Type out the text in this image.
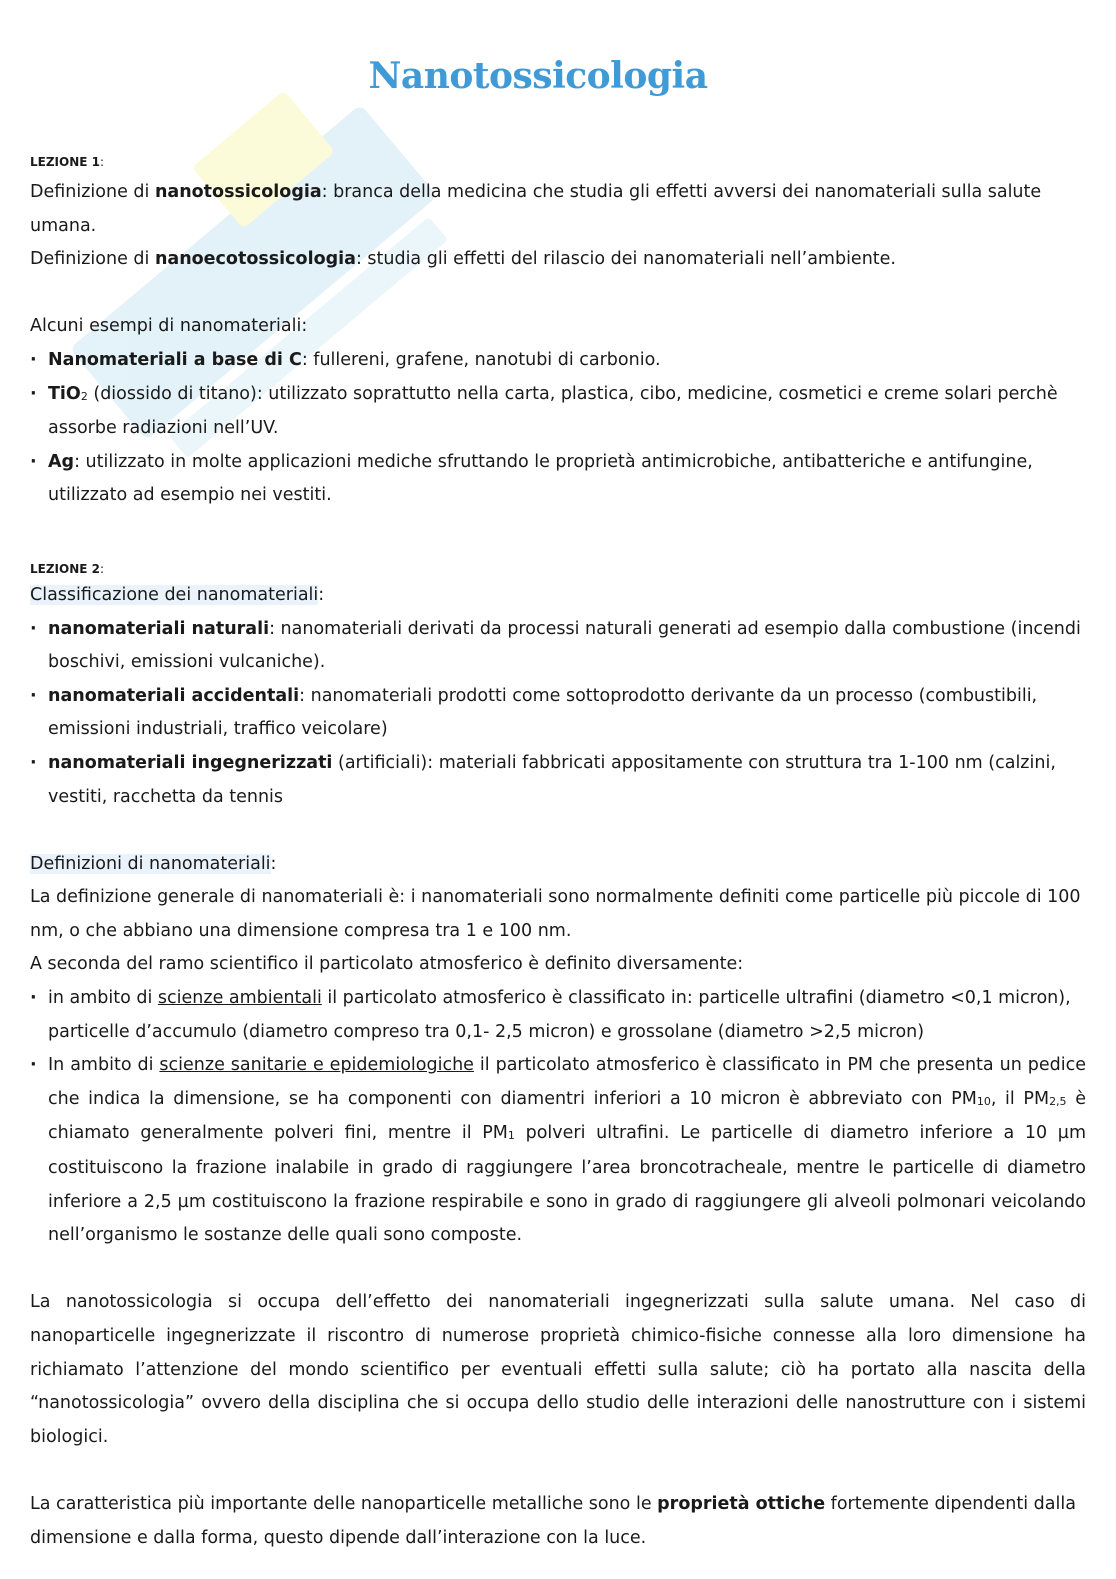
Nanotossicologia

LEZIONE 1:

Definizione di nanotossicologia: branca della medicina che studia gli effetti avversi dei nanomateriali sulla salute umana.

Definizione di nanoecotossicologia: studia gli effetti del rilascio dei nanomateriali nell’ambiente.

Alcuni esempi di nanomateriali:

· Nanomateriali a base di C: fullereni, grafene, nanotubi di carbonio.
· TiO$_2$ (diossido di titano): utilizzato soprattutto nella carta, plastica, cibo, medicine, cosmetici e creme solari perchè assorbe radiazioni nell’UV.
· Ag: utilizzato in molte applicazioni mediche sfruttando le proprietà antimicrobiche, antibatteriche e antifungine, utilizzato ad esempio nei vestiti.

LEZIONE 2:

Classificazione dei nanomateriali:

· nanomateriali naturali: nanomateriali derivati da processi naturali generati ad esempio dalla combustione (incendi boschivi, emissioni vulcaniche).
· nanomateriali accidentali: nanomateriali prodotti come sottoprodotto derivante da un processo (combustibili, emissioni industriali, traffico veicolare)
· nanomateriali ingegnerizzati (artificiali): materiali fabbricati appositamente con struttura tra 1-100 nm (calzini, vestiti, racchetta da tennis

Definizioni di nanomateriali:

La definizione generale di nanomateriali è: i nanomateriali sono normalmente definiti come particelle più piccole di 100 nm, o che abbiano una dimensione compresa tra 1 e 100 nm.

A seconda del ramo scientifico il particolato atmosferico è definito diversamente:

· in ambito di scienze ambientali il particolato atmosferico è classificato in: particelle ultrafini (diametro <0,1 micron), particelle d’accumulo (diametro compreso tra 0,1- 2,5 micron) e grossolane (diametro >2,5 micron)
· In ambito di scienze sanitarie e epidemiologiche il particolato atmosferico è classificato in PM che presenta un pedice che indica la dimensione, se ha componenti con diamentri inferiori a 10 micron è abbreviato con $PM_{10}$, il $PM_{2,5}$ è chiamato generalmente polveri fini, mentre il $PM_1$ polveri ultrafini. Le particelle di diametro inferiore a 10 µm costituiscono la frazione inalabile in grado di raggiungere l’area broncotracheale, mentre le particelle di diametro inferiore a 2,5 µm costituiscono la frazione respirabile e sono in grado di raggiungere gli alveoli polmonari veicolando nell’organismo le sostanze delle quali sono composte.

La nanotossicologia si occupa dell’effetto dei nanomateriali ingegnerizzati sulla salute umana. Nel caso di nanoparticelle ingegnerizzate il riscontro di numerose proprietà chimico-fisiche connesse alla loro dimensione ha richiamato l’attenzione del mondo scientifico per eventuali effetti sulla salute; ciò ha portato alla nascita della “nanotossicologia” ovvero della disciplina che si occupa dello studio delle interazioni delle nanostrutture con i sistemi biologici.

La caratteristica più importante delle nanoparticelle metalliche sono le proprietà ottiche fortemente dipendenti dalla dimensione e dalla forma, questo dipende dall’interazione con la luce.
